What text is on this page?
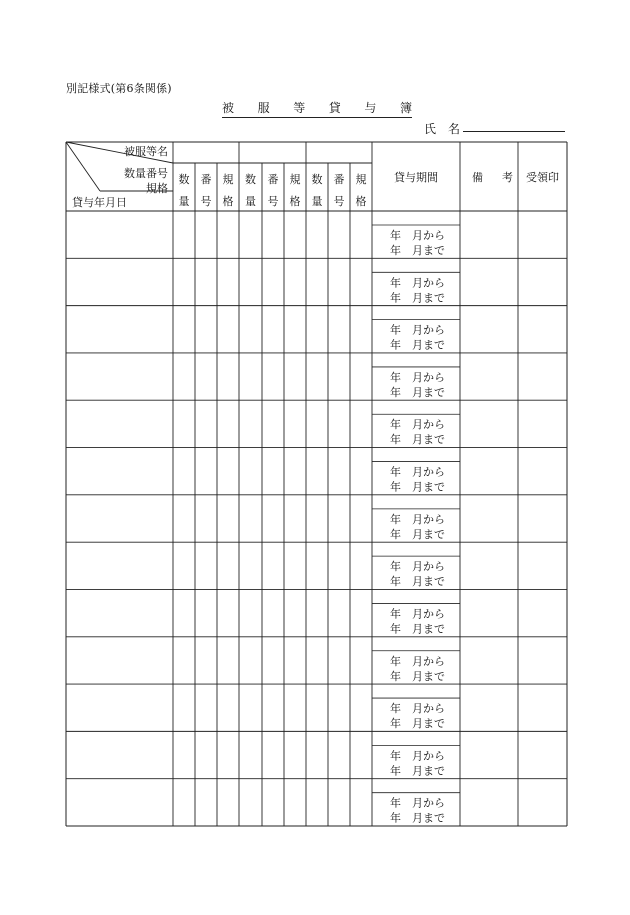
別記様式(第6条関係)
被 服 等 貸 与 簿
氏名
被服等名
数量番号
規格
貸与年月日
数
量
番
号
規
格
数
量
番
号
規
格
数
量
番
号
規
格
貸与期間	備 考 受領印
年　月から
年　月まで
年　月から
年　月まで
年　月から
年　月まで
年　月から
年　月まで
年　月から
年　月まで
年　月から
年　月まで
年　月から
年　月まで
年　月から
年　月まで
年　月から
年　月まで
年　月から
年　月まで
年　月から
年　月まで
年　月から
年　月まで
年　月から
年　月まで
